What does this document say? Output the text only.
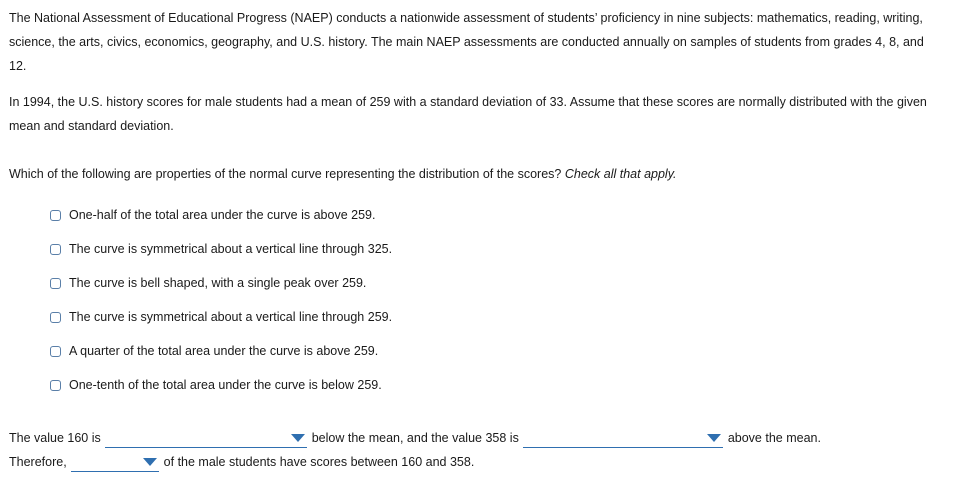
The National Assessment of Educational Progress (NAEP) conducts a nationwide assessment of students’ proficiency in nine subjects: mathematics, reading, writing, science, the arts, civics, economics, geography, and U.S. history. The main NAEP assessments are conducted annually on samples of students from grades 4, 8, and 12.

In 1994, the U.S. history scores for male students had a mean of 259 with a standard deviation of 33. Assume that these scores are normally distributed with the given mean and standard deviation.

Which of the following are properties of the normal curve representing the distribution of the scores? Check all that apply.

One-half of the total area under the curve is above 259.
The curve is symmetrical about a vertical line through 325.
The curve is bell shaped, with a single peak over 259.
The curve is symmetrical about a vertical line through 259.
A quarter of the total area under the curve is above 259.
One-tenth of the total area under the curve is below 259.
The value 160 is	below the mean, and the value 358 is	above the mean.
Therefore,	of the male students have scores between 160 and 358.
